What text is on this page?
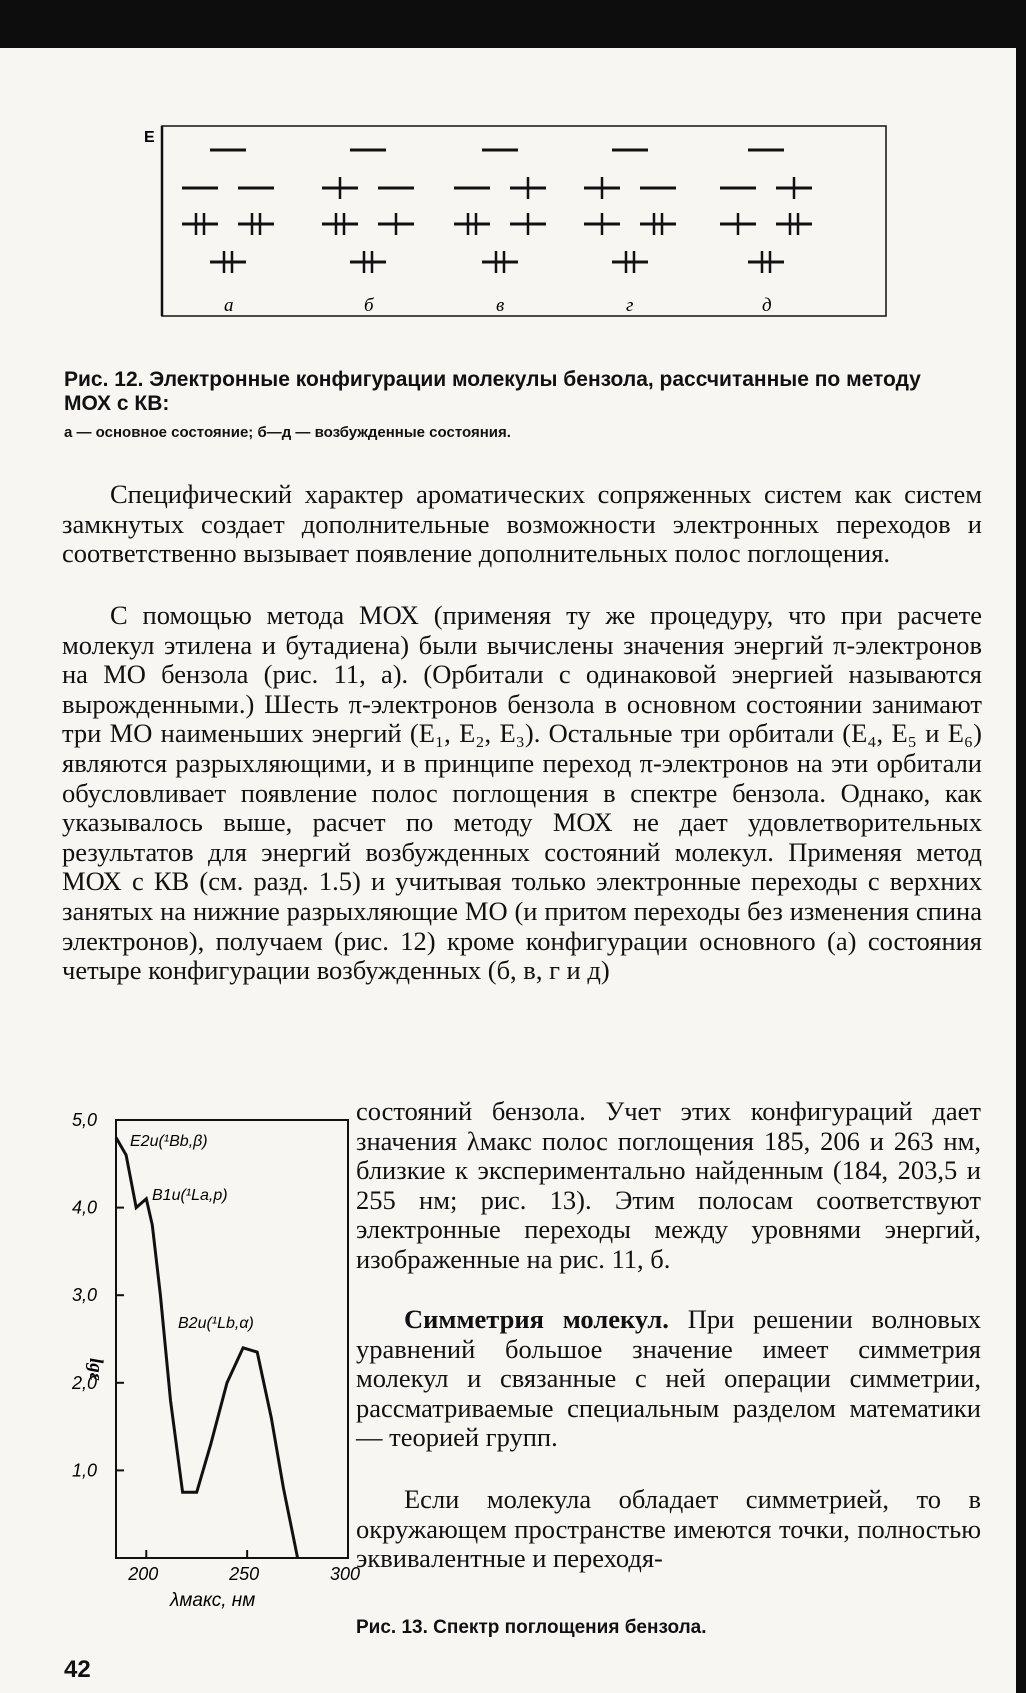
E
а	б	в	г	д
Рис. 12. Электронные конфигурации молекулы бензола, рассчитанные по методу МОХ с КВ:
а — основное состояние; б—д — возбужденные состояния.

Специфический характер ароматических сопряженных систем как систем замкнутых создает дополнительные возможности электронных переходов и соответственно вызывает появление дополнительных полос поглощения.

С помощью метода МОХ (применяя ту же процедуру, что при расчете молекул этилена и бутадиена) были вычислены значения энергий π-электронов на МО бензола (рис. 11, а). (Орбитали с одинаковой энергией называются вырожденными.) Шесть π-электронов бензола в основном состоянии занимают три МО наименьших энергий (E₁, E₂, E₃). Остальные три орбитали (E₄, E₅ и E₆) являются разрыхляющими, и в принципе переход π-электронов на эти орбитали обусловливает появление полос поглощения в спектре бензола. Однако, как указывалось выше, расчет по методу МОХ не дает удовлетворительных результатов для энергий возбужденных состояний молекул. Применяя метод МОХ с КВ (см. разд. 1.5) и учитывая только электронные переходы с верхних занятых на нижние разрыхляющие МО (и притом переходы без изменения спина электронов), получаем (рис. 12) кроме конфигурации основного (а) состояния четыре конфигурации возбужденных (б, в, г и д)

состояний бензола. Учет этих конфигураций дает значения λмакс полос поглощения 185, 206 и 263 нм, близкие к экспериментально найденным (184, 203,5 и 255 нм; рис. 13). Этим полосам соответствуют электронные переходы между уровнями энергий, изображенные на рис. 11, б.

Симметрия молекул. При решении волновых уравнений большое значение имеет симметрия молекул и связанные с ней операции симметрии, рассматриваемые специальным разделом математики — теорией групп.

Если молекула обладает симметрией, то в окружающем пространстве имеются точки, полностью эквивалентные и переходя-

5,0
4,0
3,0
2,0
1,0
200	250	300
lgε
λмакс, нм
E2u(¹Bb,β)
B1u(¹La,p)
B2u(¹Lb,α)
Рис. 13. Спектр поглощения бензола.
42
